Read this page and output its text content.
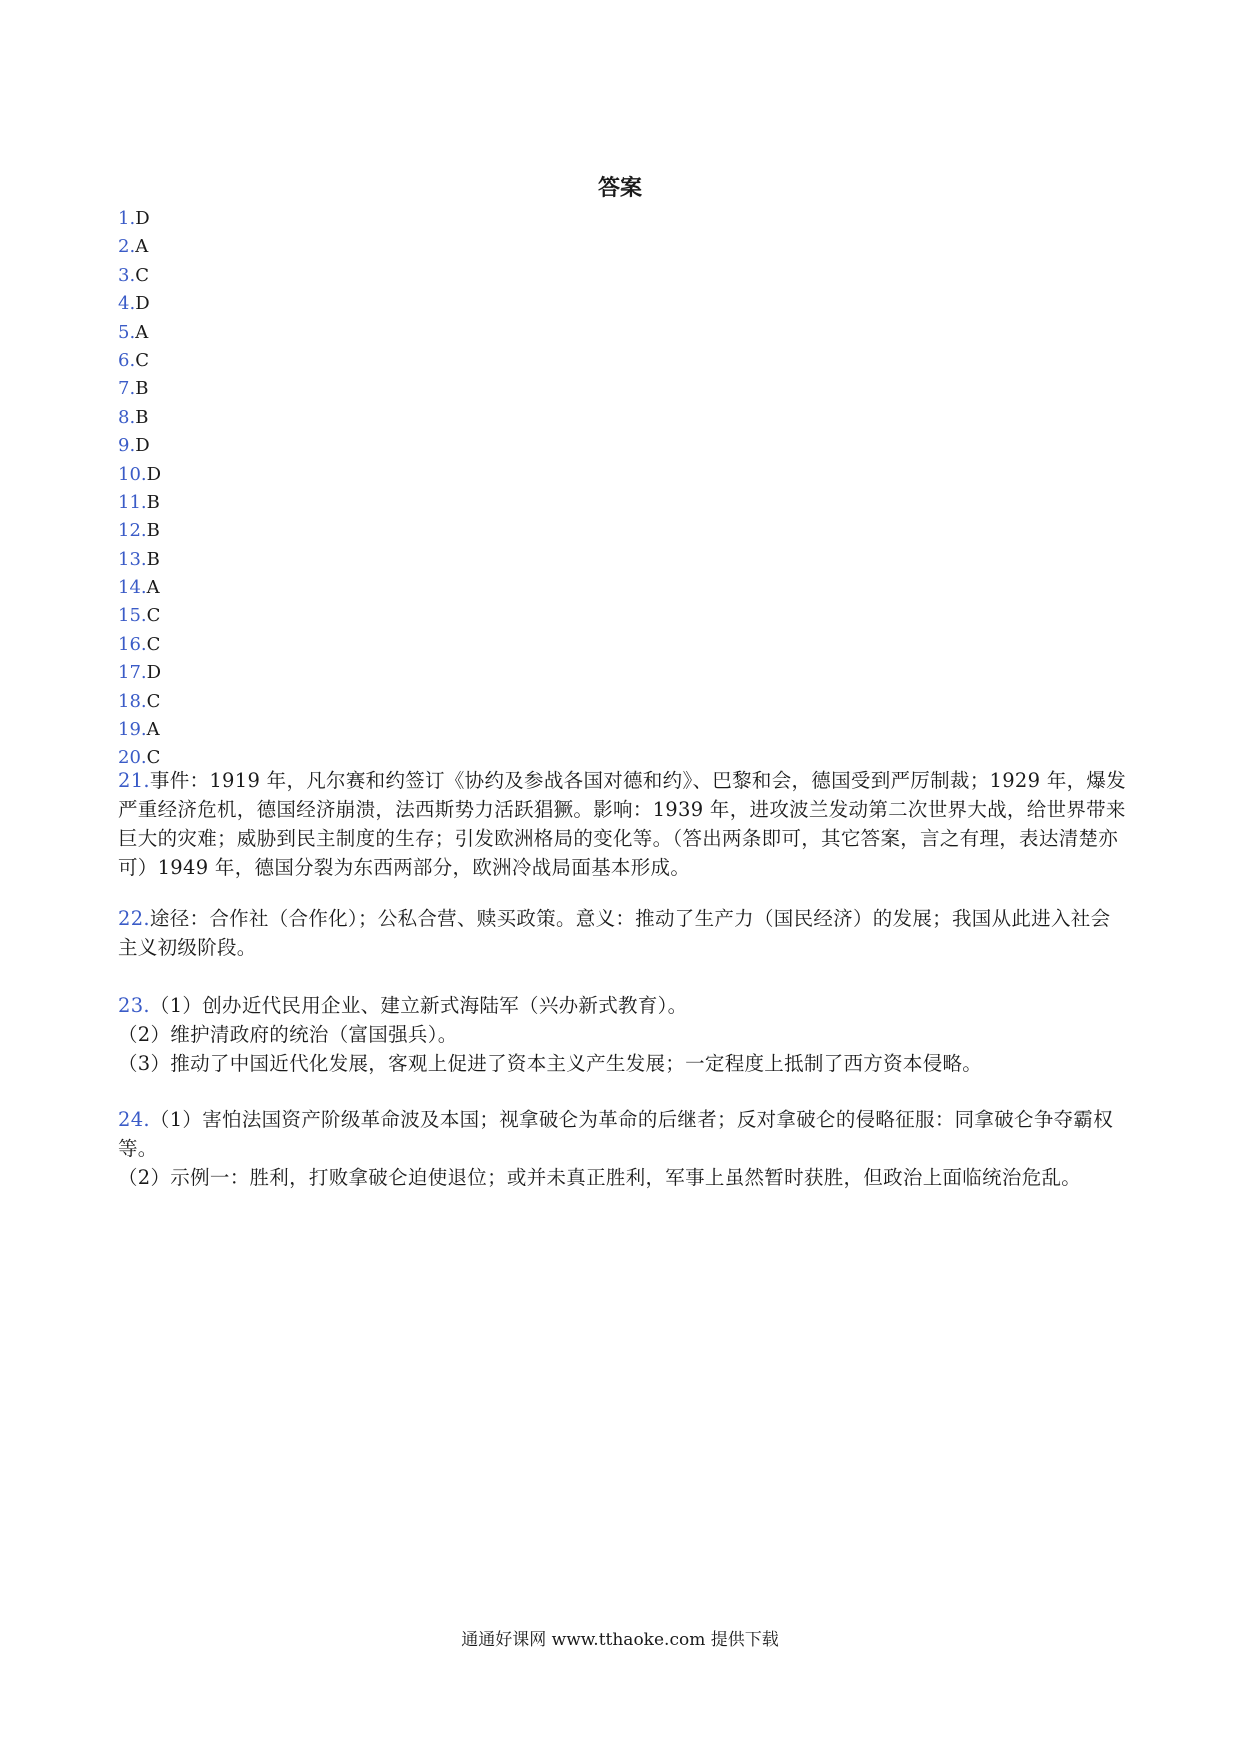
答案
1.D
2.A
3.C
4.D
5.A
6.C
7.B
8.B
9.D
10.D
11.B
12.B
13.B
14.A
15.C
16.C
17.D
18.C
19.A
20.C

21.事件：1919 年，凡尔赛和约签订《协约及参战各国对德和约》、巴黎和会，德国受到严厉制裁；1929 年，爆发严重经济危机，德国经济崩溃，法西斯势力活跃猖獗。影响：1939 年，进攻波兰发动第二次世界大战，给世界带来巨大的灾难；威胁到民主制度的生存；引发欧洲格局的变化等。（答出两条即可，其它答案，言之有理，表达清楚亦可）1949 年，德国分裂为东西两部分，欧洲冷战局面基本形成。

22.途径：合作社（合作化）；公私合营、赎买政策。意义：推动了生产力（国民经济）的发展；我国从此进入社会主义初级阶段。

23.（1）创办近代民用企业、建立新式海陆军（兴办新式教育）。

（2）维护清政府的统治（富国强兵）。

（3）推动了中国近代化发展，客观上促进了资本主义产生发展；一定程度上抵制了西方资本侵略。

24.（1）害怕法国资产阶级革命波及本国；视拿破仑为革命的后继者；反对拿破仑的侵略征服：同拿破仑争夺霸权等。

（2）示例一：胜利，打败拿破仑迫使退位；或并未真正胜利，军事上虽然暂时获胜，但政治上面临统治危乱。

通通好课网 www.tthaoke.com 提供下载
